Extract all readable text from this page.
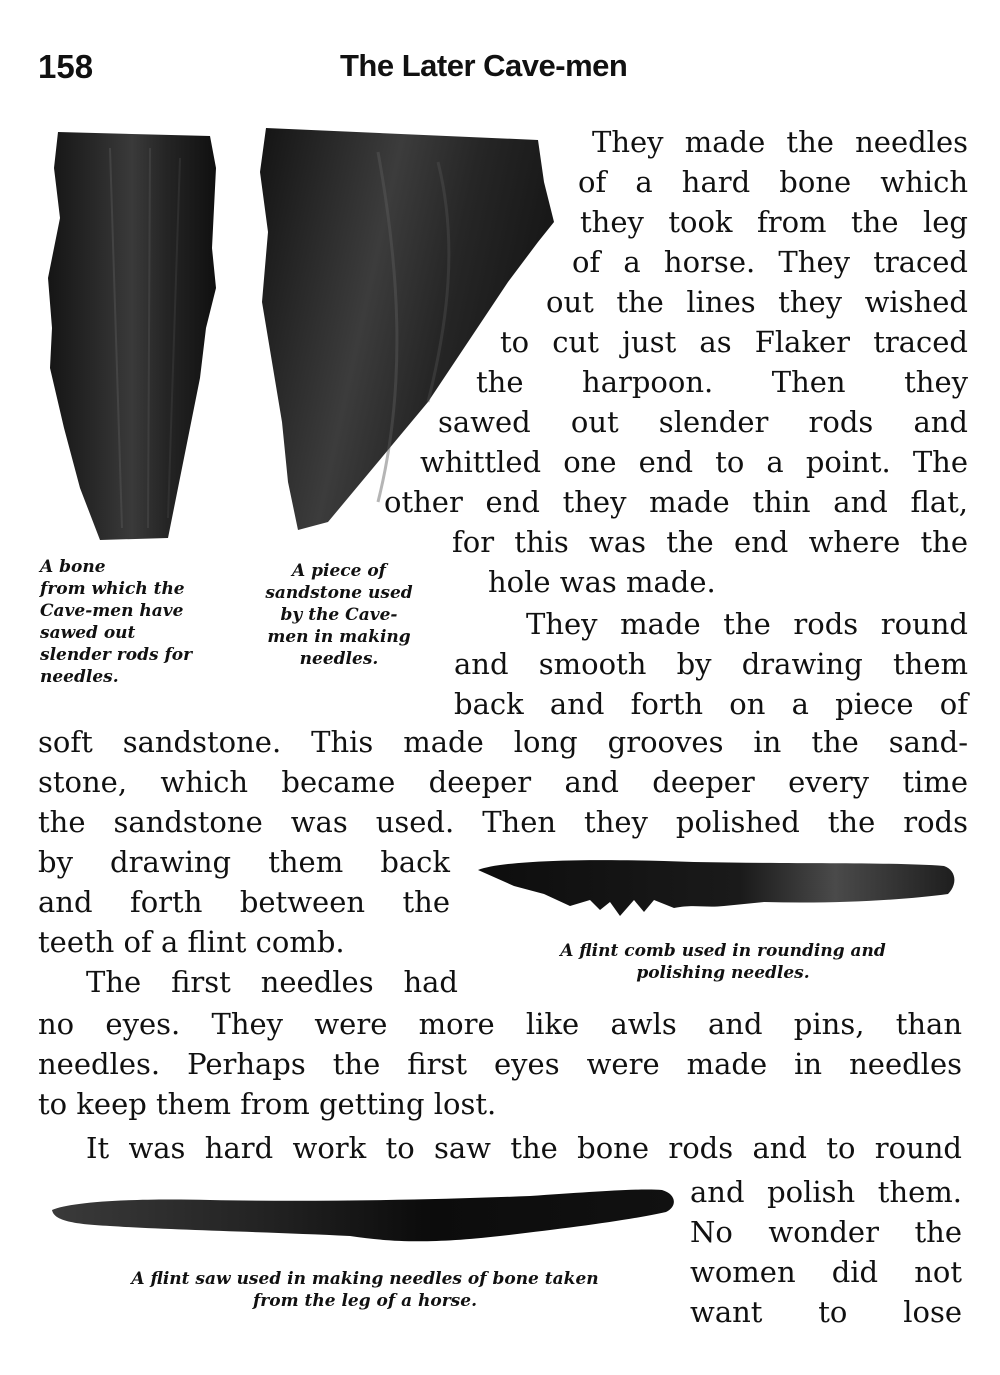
158	The Later Cave-men
A bone
from which the
Cave-men have
sawed out
slender rods for
needles.
A piece of
sandstone used
by the Cave-
men in making
needles.
They made the needles
of a hard bone which
they took from the leg
of a horse. They traced
out the lines they wished
to cut just as Flaker traced
the harpoon. Then they
sawed out slender rods and
whittled one end to a point. The
other end they made thin and flat,
for this was the end where the
hole was made.
They made the rods round
and smooth by drawing them
back and forth on a piece of
soft sandstone. This made long grooves in the sand-
stone, which became deeper and deeper every time
the sandstone was used. Then they polished the rods
by drawing them back
and forth between the
teeth of a flint comb.
The first needles had
no eyes. They were more like awls and pins, than
needles. Perhaps the first eyes were made in needles
to keep them from getting lost.
It was hard work to saw the bone rods and to round
and polish them.
No wonder the
women did not
want to lose
A flint comb used in rounding and
polishing needles.
A flint saw used in making needles of bone taken
from the leg of a horse.
